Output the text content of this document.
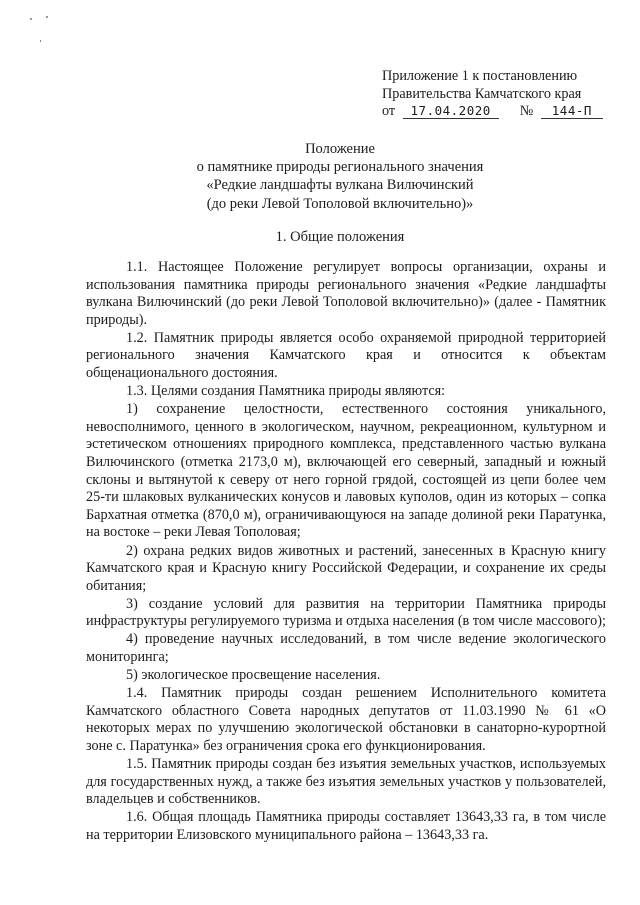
Приложение 1 к постановлению
Правительства Камчатского края
от 17.04.2020 № 144-П
Положение
о памятнике природы регионального значения
«Редкие ландшафты вулкана Вилючинский
(до реки Левой Тополовой включительно)»
1. Общие положения

1.1. Настоящее Положение регулирует вопросы организации, охраны и использования памятника природы регионального значения «Редкие ландшафты вулкана Вилючинский (до реки Левой Тополовой включительно)» (далее - Памятник природы).

1.2. Памятник природы является особо охраняемой природной территорией регионального значения Камчатского края и относится к объектам общенационального достояния.

1.3. Целями создания Памятника природы являются:

1) сохранение целостности, естественного состояния уникального, невосполнимого, ценного в экологическом, научном, рекреационном, культурном и эстетическом отношениях природного комплекса, представленного частью вулкана Вилючинского (отметка 2173,0 м), включающей его северный, западный и южный склоны и вытянутой к северу от него горной грядой, состоящей из цепи более чем 25-ти шлаковых вулканических конусов и лавовых куполов, один из которых – сопка Бархатная отметка (870,0 м), ограничивающуюся на западе долиной реки Паратунка, на востоке – реки Левая Тополовая;

2) охрана редких видов животных и растений, занесенных в Красную книгу Камчатского края и Красную книгу Российской Федерации, и сохранение их среды обитания;

3) создание условий для развития на территории Памятника природы инфраструктуры регулируемого туризма и отдыха населения (в том числе массового);

4) проведение научных исследований, в том числе ведение экологического мониторинга;

5) экологическое просвещение населения.

1.4. Памятник природы создан решением Исполнительного комитета Камчатского областного Совета народных депутатов от 11.03.1990 № 61 «О некоторых мерах по улучшению экологической обстановки в санаторно-курортной зоне с. Паратунка» без ограничения срока его функционирования.

1.5. Памятник природы создан без изъятия земельных участков, используемых для государственных нужд, а также без изъятия земельных участков у пользователей, владельцев и собственников.

1.6. Общая площадь Памятника природы составляет 13643,33 га, в том числе на территории Елизовского муниципального района – 13643,33 га.
